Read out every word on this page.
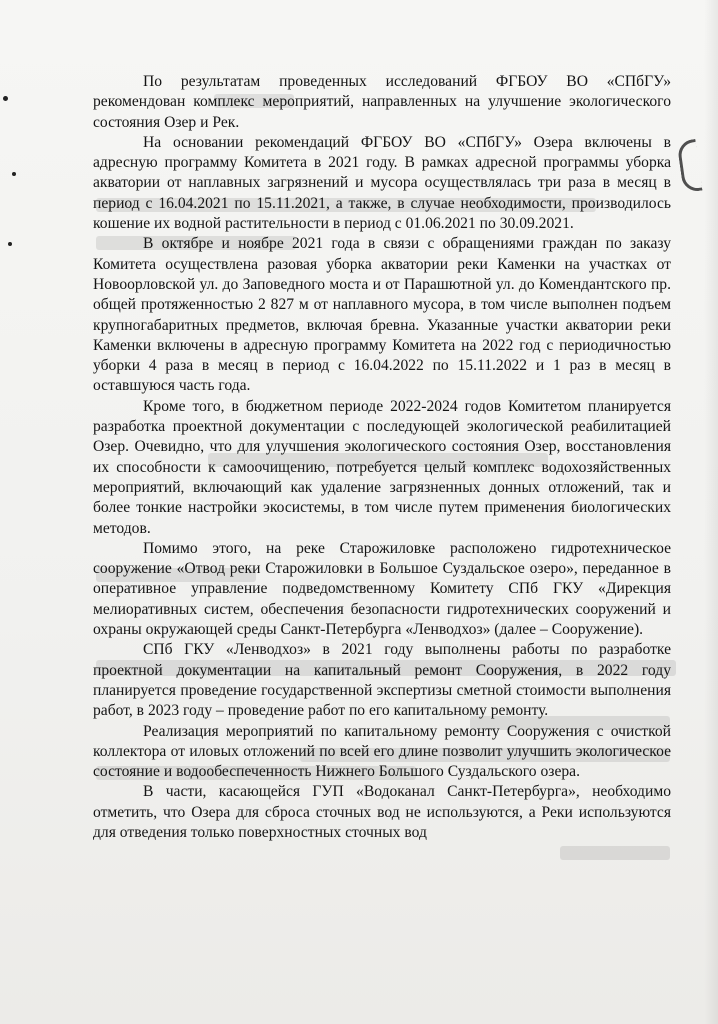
По результатам проведенных исследований ФГБОУ ВО «СПбГУ» рекомендован комплекс мероприятий, направленных на улучшение экологического состояния Озер и Рек.

На основании рекомендаций ФГБОУ ВО «СПбГУ» Озера включены в адресную программу Комитета в 2021 году. В рамках адресной программы уборка акватории от наплавных загрязнений и мусора осуществлялась три раза в месяц в период с 16.04.2021 по 15.11.2021, а также, в случае необходимости, производилось кошение их водной растительности в период с 01.06.2021 по 30.09.2021.

В октябре и ноябре 2021 года в связи с обращениями граждан по заказу Комитета осуществлена разовая уборка акватории реки Каменки на участках от Новоорловской ул. до Заповедного моста и от Парашютной ул. до Комендантского пр. общей протяженностью 2 827 м от наплавного мусора, в том числе выполнен подъем крупногабаритных предметов, включая бревна. Указанные участки акватории реки Каменки включены в адресную программу Комитета на 2022 год с периодичностью уборки 4 раза в месяц в период с 16.04.2022 по 15.11.2022 и 1 раз в месяц в оставшуюся часть года.

Кроме того, в бюджетном периоде 2022-2024 годов Комитетом планируется разработка проектной документации с последующей экологической реабилитацией Озер. Очевидно, что для улучшения экологического состояния Озер, восстановления их способности к самоочищению, потребуется целый комплекс водохозяйственных мероприятий, включающий как удаление загрязненных донных отложений, так и более тонкие настройки экосистемы, в том числе путем применения биологических методов.

Помимо этого, на реке Старожиловке расположено гидротехническое сооружение «Отвод реки Старожиловки в Большое Суздальское озеро», переданное в оперативное управление подведомственному Комитету СПб ГКУ «Дирекция мелиоративных систем, обеспечения безопасности гидротехнических сооружений и охраны окружающей среды Санкт-Петербурга «Ленводхоз» (далее – Сооружение).

СПб ГКУ «Ленводхоз» в 2021 году выполнены работы по разработке проектной документации на капитальный ремонт Сооружения, в 2022 году планируется проведение государственной экспертизы сметной стоимости выполнения работ, в 2023 году – проведение работ по его капитальному ремонту.

Реализация мероприятий по капитальному ремонту Сооружения с очисткой коллектора от иловых отложений по всей его длине позволит улучшить экологическое состояние и водообеспеченность Нижнего Большого Суздальского озера.

В части, касающейся ГУП «Водоканал Санкт-Петербурга», необходимо отметить, что Озера для сброса сточных вод не используются, а Реки используются для отведения только поверхностных сточных вод
